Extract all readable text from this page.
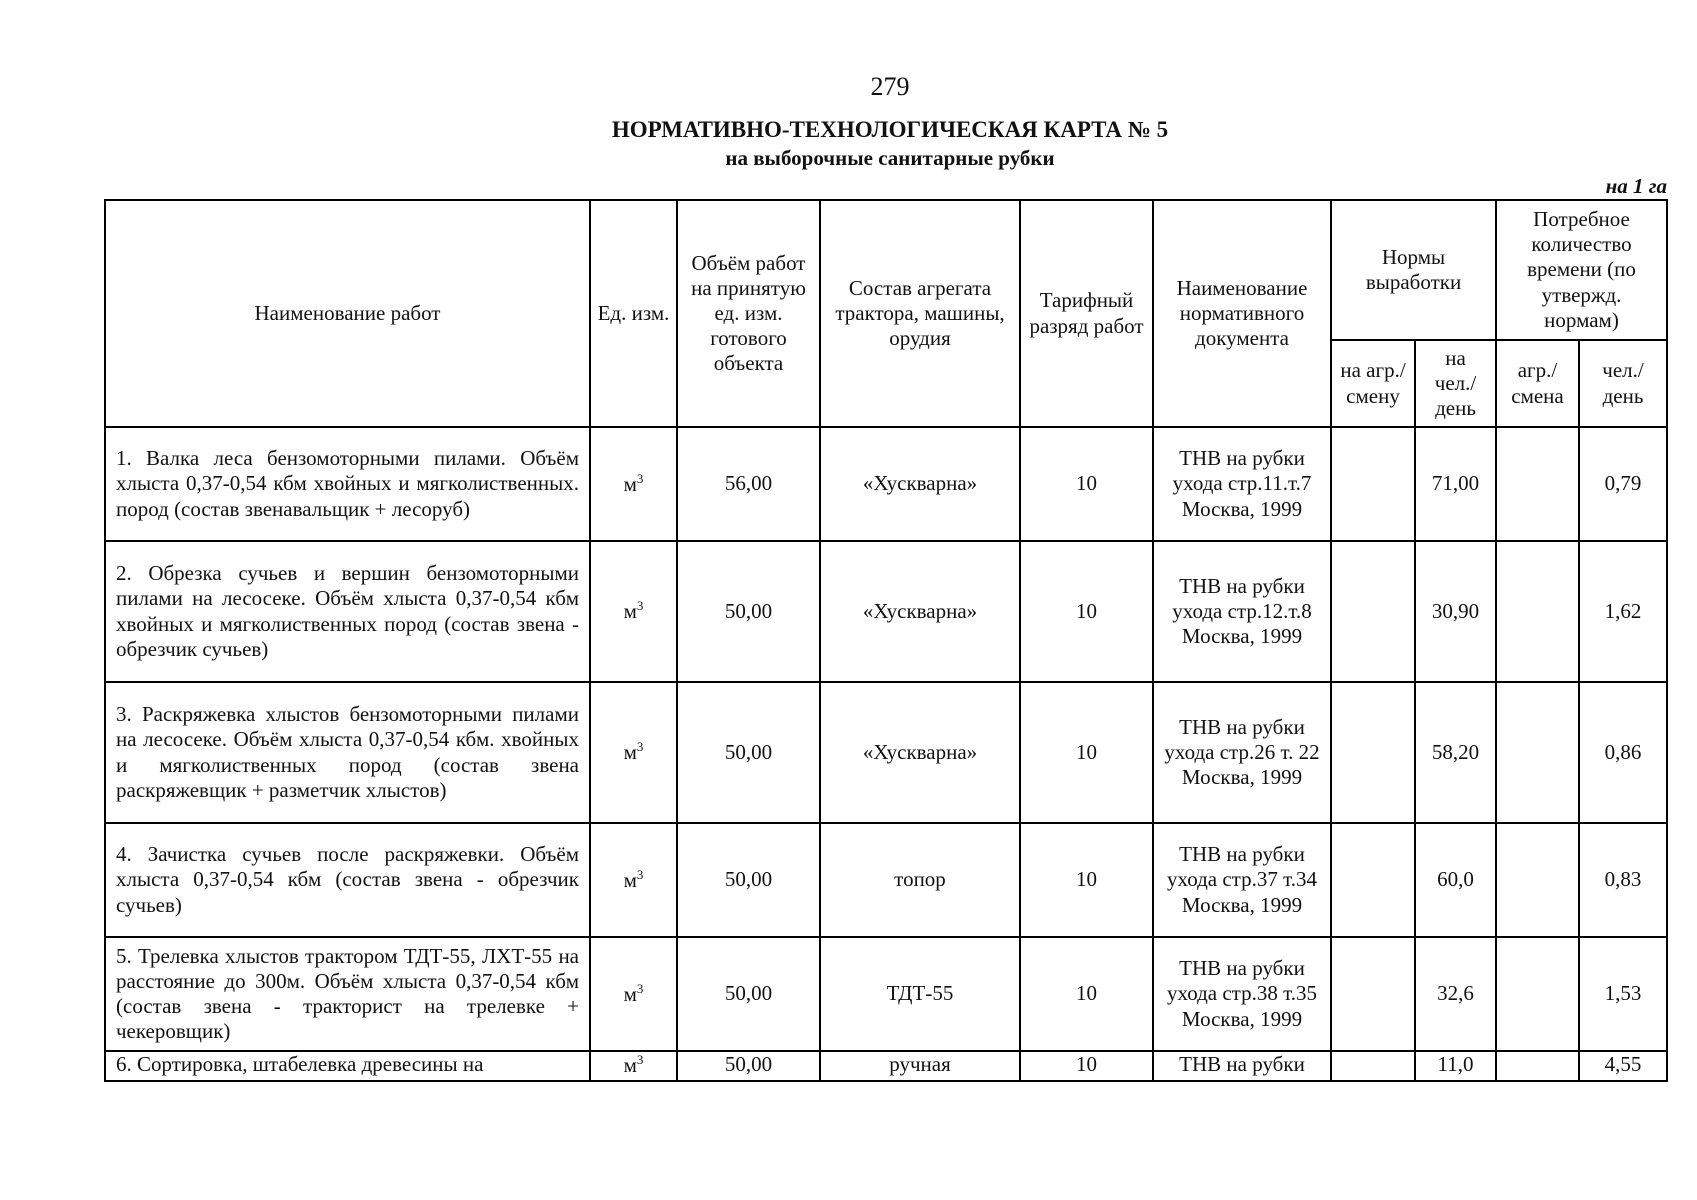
279
НОРМАТИВНО-ТЕХНОЛОГИЧЕСКАЯ КАРТА № 5
на выборочные санитарные рубки
на 1 га
Наименование работ	Ед. изм.	Объём работ на принятую ед. изм. готового объекта	Состав агрегата трактора, машины, орудия	Тарифный разряд работ	Наименование нормативного документа	Нормы выработки		Потребное количество времени (по утвержд. нормам)	
						на агр./ смену	на чел./ день	агр./ смена	чел./ день
1. Валка леса бензомоторными пилами. Объём хлыста 0,37-0,54 кбм хвойных и мягколиственных. пород (состав звенавальщик + лесоруб)	$м^3$	56,00	«Хускварна»	10	ТНВ на рубки ухода стр.11.т.7 Москва, 1999		71,00		0,79
2. Обрезка сучьев и вершин бензомоторными пилами на лесосеке. Объём хлыста 0,37-0,54 кбм хвойных и мягколиственных пород (состав звена - обрезчик сучьев)	$м^3$	50,00	«Хускварна»	10	ТНВ на рубки ухода стр.12.т.8 Москва, 1999		30,90		1,62
3. Раскряжевка хлыстов бензомоторными пилами на лесосеке. Объём хлыста 0,37-0,54 кбм. хвойных и мягколиственных пород (состав звена раскряжевщик + разметчик хлыстов)	$м^3$	50,00	«Хускварна»	10	ТНВ на рубки ухода стр.26 т. 22 Москва, 1999		58,20		0,86
4. Зачистка сучьев после раскряжевки. Объём хлыста 0,37-0,54 кбм (состав звена - обрезчик сучьев)	$м^3$	50,00	топор	10	ТНВ на рубки ухода стр.37 т.34 Москва, 1999		60,0		0,83
5. Трелевка хлыстов трактором ТДТ-55, ЛХТ-55 на расстояние до 300м. Объём хлыста 0,37-0,54 кбм (состав звена - тракторист на трелевке + чекеровщик)	$м^3$	50,00	ТДТ-55	10	ТНВ на рубки ухода стр.38 т.35 Москва, 1999		32,6		1,53
6. Сортировка, штабелевка древесины на	$м^3$	50,00	ручная	10	ТНВ на рубки		11,0		4,55
